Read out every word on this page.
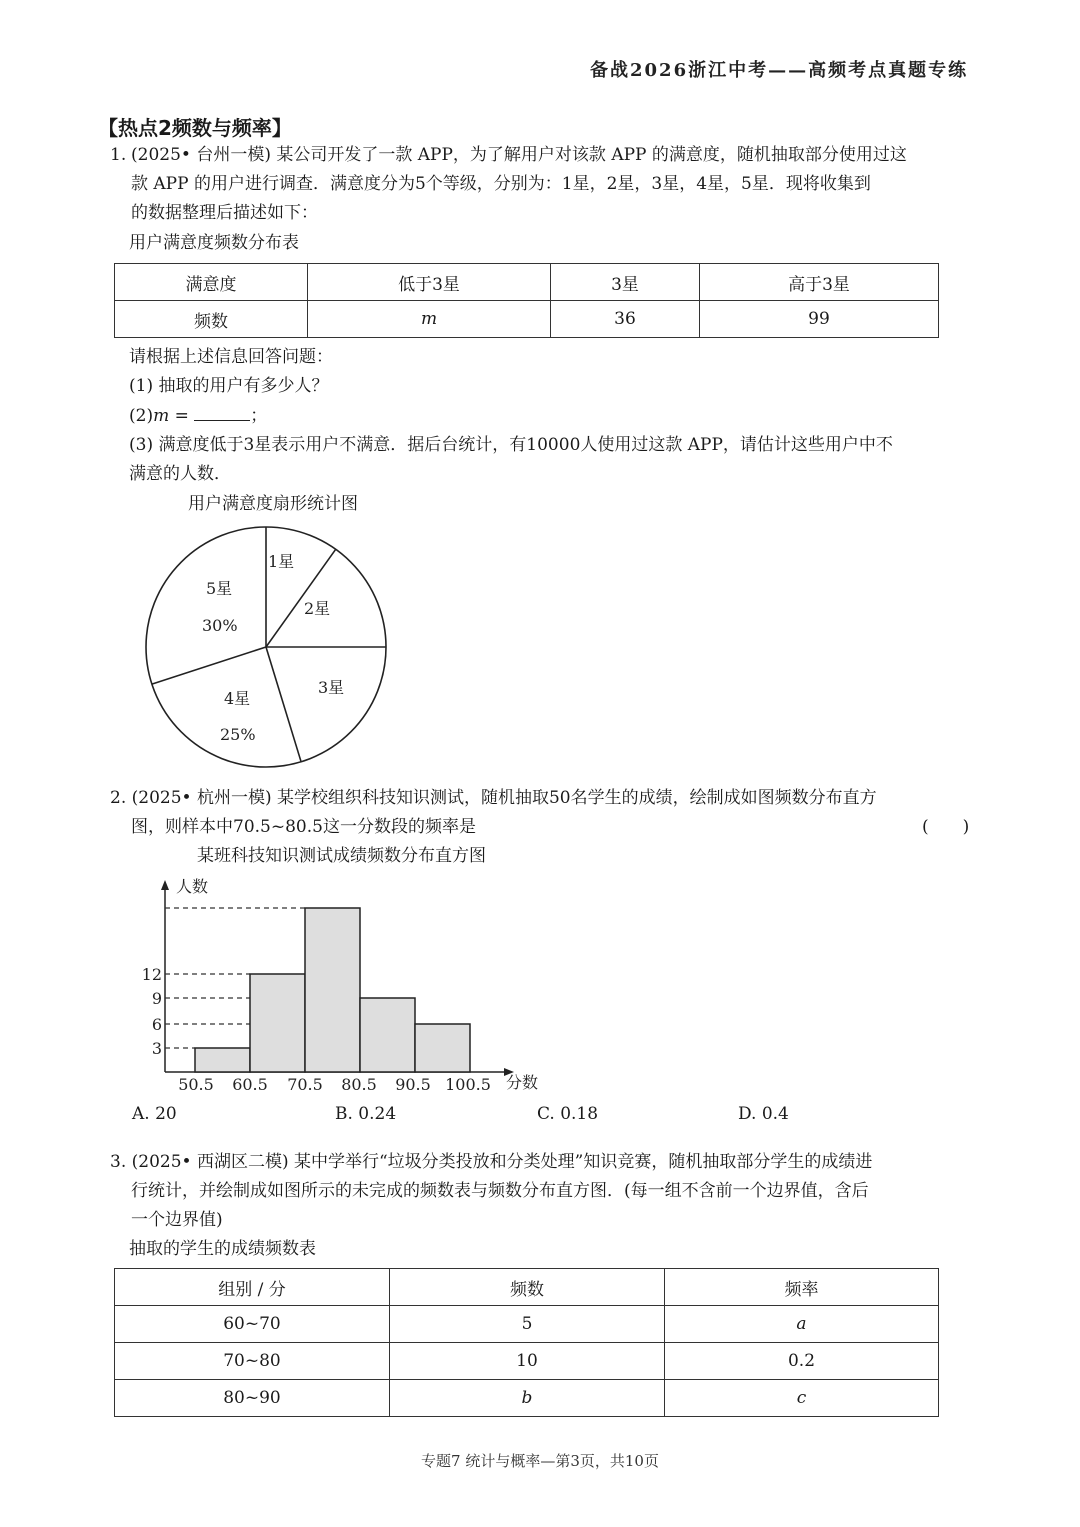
备战2026浙江中考——高频考点真题专练
【热点2频数与频率】
1. (2025• 台州一模) 某公司开发了一款 APP，为了解用户对该款 APP 的满意度，随机抽取部分使用过这
款 APP 的用户进行调查．满意度分为5个等级，分别为：1星，2星，3星，4星，5星．现将收集到
的数据整理后描述如下：
用户满意度频数分布表
满意度	低于3星	3星	高于3星
频数	m	36	99
请根据上述信息回答问题：
(1) 抽取的用户有多少人？
(2)m =	；
(3) 满意度低于3星表示用户不满意．据后台统计，有10000人使用过这款 APP，请估计这些用户中不
满意的人数．
用户满意度扇形统计图
1星
2星
3星
4星
25%
5星
30%
2. (2025• 杭州一模) 某学校组织科技知识测试，随机抽取50名学生的成绩，绘制成如图频数分布直方
图，则样本中70.5~80.5这一分数段的频率是	(　　)
某班科技知识测试成绩频数分布直方图
人数
分数
3
6
9
12
50.5 60.5 70.5 80.5 90.5 100.5
A. 20	B. 0.24	C. 0.18	D. 0.4
3. (2025• 西湖区二模) 某中学举行“垃圾分类投放和分类处理”知识竞赛，随机抽取部分学生的成绩进
行统计，并绘制成如图所示的未完成的频数表与频数分布直方图．(每一组不含前一个边界值，含后
一个边界值)
抽取的学生的成绩频数表
组别 / 分	频数	频率
60~70	5	a
70~80	10	0.2
80~90	b	c
专题7 统计与概率—第3页，共10页
